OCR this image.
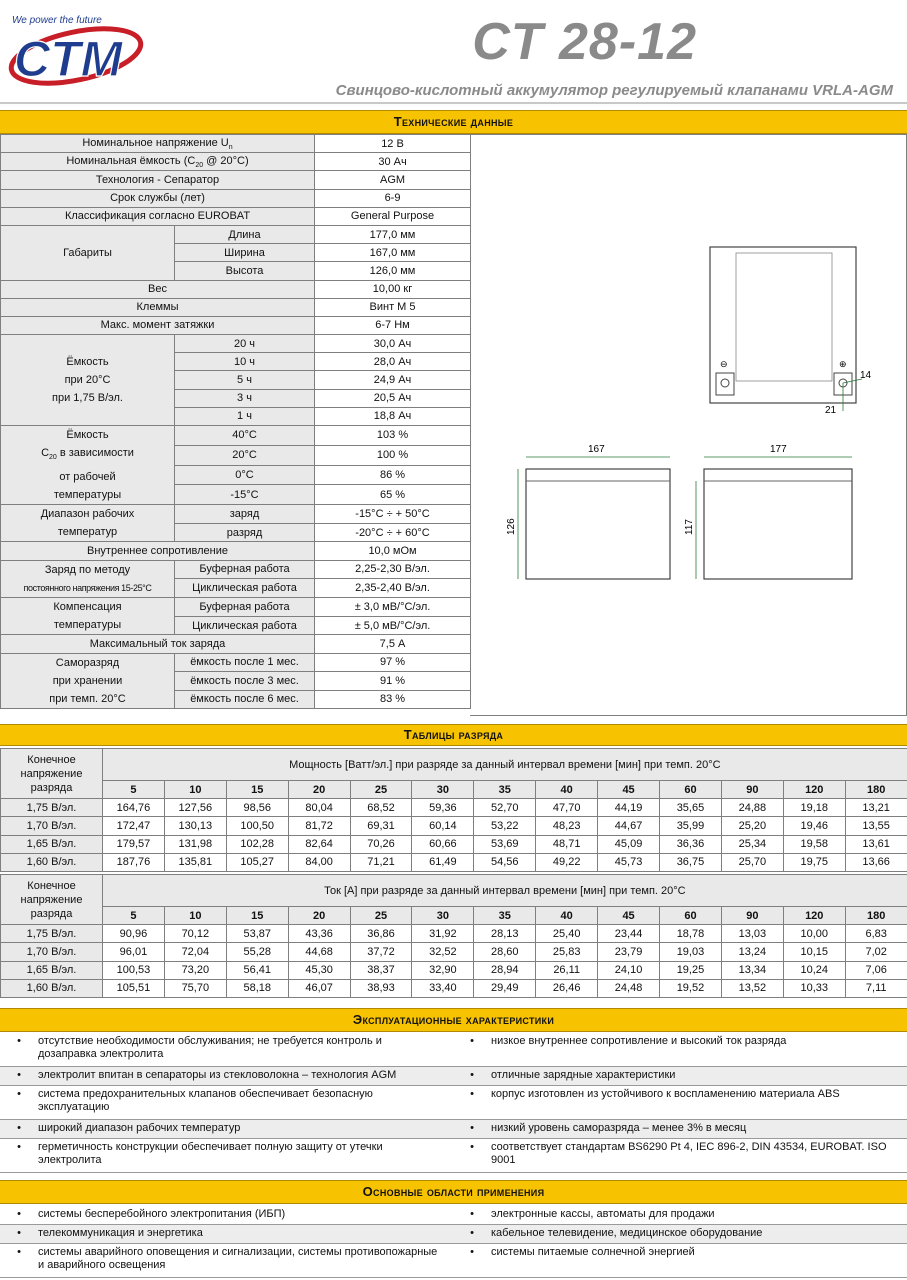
We power the future
CTM	CT 28-12
Свинцово-кислотный аккумулятор регулируемый клапанами VRLA-AGM
Технические данные
Номинальное напряжение $U_n$		12 В
Номинальная ёмкость ($С_{20}$ @ 20°С)		30 Ач
Технология - Сепаратор		AGM
Срок службы (лет)		6-9
Классификация согласно EUROBAT		General Purpose
Габариты	Длина	177,0 мм
	Ширина	167,0 мм
	Высота	126,0 мм
Вес		10,00 кг
Клеммы		Винт М 5
Макс. момент затяжки		6-7 Нм

Ёмкость
при 20°С
при 1,75 В/эл.	20 ч	30,0 Ач
	10 ч	28,0 Ач
	5 ч	24,9 Ач
	3 ч	20,5 Ач
	1 ч	18,8 Ач

Ёмкость
$С_{20}$ в зависимости
от рабочей
температуры	40°С	103 %
	20°С	100 %
	0°С	86 %
	-15°С	65 %

Диапазон рабочих
температур	заряд	-15°С ÷ + 50°С
	разряд	-20°С ÷ + 60°С
Внутреннее сопротивление		10,0 мОм

Заряд по методу
постоянного напряжения 15-25°С	Буферная работа	2,25-2,30 В/эл.
	Циклическая работа	2,35-2,40 В/эл.

Компенсация
температуры	Буферная работа	± 3,0 мВ/°С/эл.
	Циклическая работа	± 5,0 мВ/°С/эл.
Максимальный ток заряда		7,5 А

Саморазряд
при хранении
при темп. 20°С	ёмкость после 1 мес.	97 %
	ёмкость после 3 мес.	91 %
	ёмкость после 6 мес.	83 %
⊖	⊕
14
21
167
126
177
117
Таблицы разряда
Конечное
напряжение
разряда	Мощность [Ватт/эл.] при разряде за данный интервал времени [мин] при темп. 20°С												
	5	10	15	20	25	30	35	40	45	60	90	120	180
1,75 В/эл.	164,76	127,56	98,56	80,04	68,52	59,36	52,70	47,70	44,19	35,65	24,88	19,18	13,21
1,70 В/эл.	172,47	130,13	100,50	81,72	69,31	60,14	53,22	48,23	44,67	35,99	25,20	19,46	13,55
1,65 В/эл.	179,57	131,98	102,28	82,64	70,26	60,66	53,69	48,71	45,09	36,36	25,34	19,58	13,61
1,60 В/эл.	187,76	135,81	105,27	84,00	71,21	61,49	54,56	49,22	45,73	36,75	25,70	19,75	13,66
Конечное
напряжение
разряда	Ток [А] при разряде за данный интервал времени [мин] при темп. 20°С												
	5	10	15	20	25	30	35	40	45	60	90	120	180
1,75 В/эл.	90,96	70,12	53,87	43,36	36,86	31,92	28,13	25,40	23,44	18,78	13,03	10,00	6,83
1,70 В/эл.	96,01	72,04	55,28	44,68	37,72	32,52	28,60	25,83	23,79	19,03	13,24	10,15	7,02
1,65 В/эл.	100,53	73,20	56,41	45,30	38,37	32,90	28,94	26,11	24,10	19,25	13,34	10,24	7,06
1,60 В/эл.	105,51	75,70	58,18	46,07	38,93	33,40	29,49	26,46	24,48	19,52	13,52	10,33	7,11
Эксплуатационные характеристики
•	отсутствие необходимости обслуживания; не требуется контроль и дозаправка электролита
•	низкое внутреннее сопротивление и высокий ток разряда
•	электролит впитан в сепараторы из стекловолокна – технология AGM	•	отличные зарядные характеристики
•	система предохранительных клапанов обеспечивает безопасную эксплуатацию
•	корпус изготовлен из устойчивого к воспламенению материала ABS
•	широкий диапазон рабочих температур	•	низкий уровень саморазряда – менее 3% в месяц
•	герметичность конструкции обеспечивает полную защиту от утечки электролита
•	соответствует стандартам BS6290 Pt 4, IEC 896-2, DIN 43534, EUROBAT. ISO 9001
Основные области применения
•	системы бесперебойного электропитания (ИБП)	•	электронные кассы, автоматы для продажи
•	телекоммуникация и энергетика	•	кабельное телевидение, медицинское оборудование
•	системы аварийного оповещения и сигнализации, системы противопожарные и аварийного освещения
•	системы питаемые солнечной энергией
